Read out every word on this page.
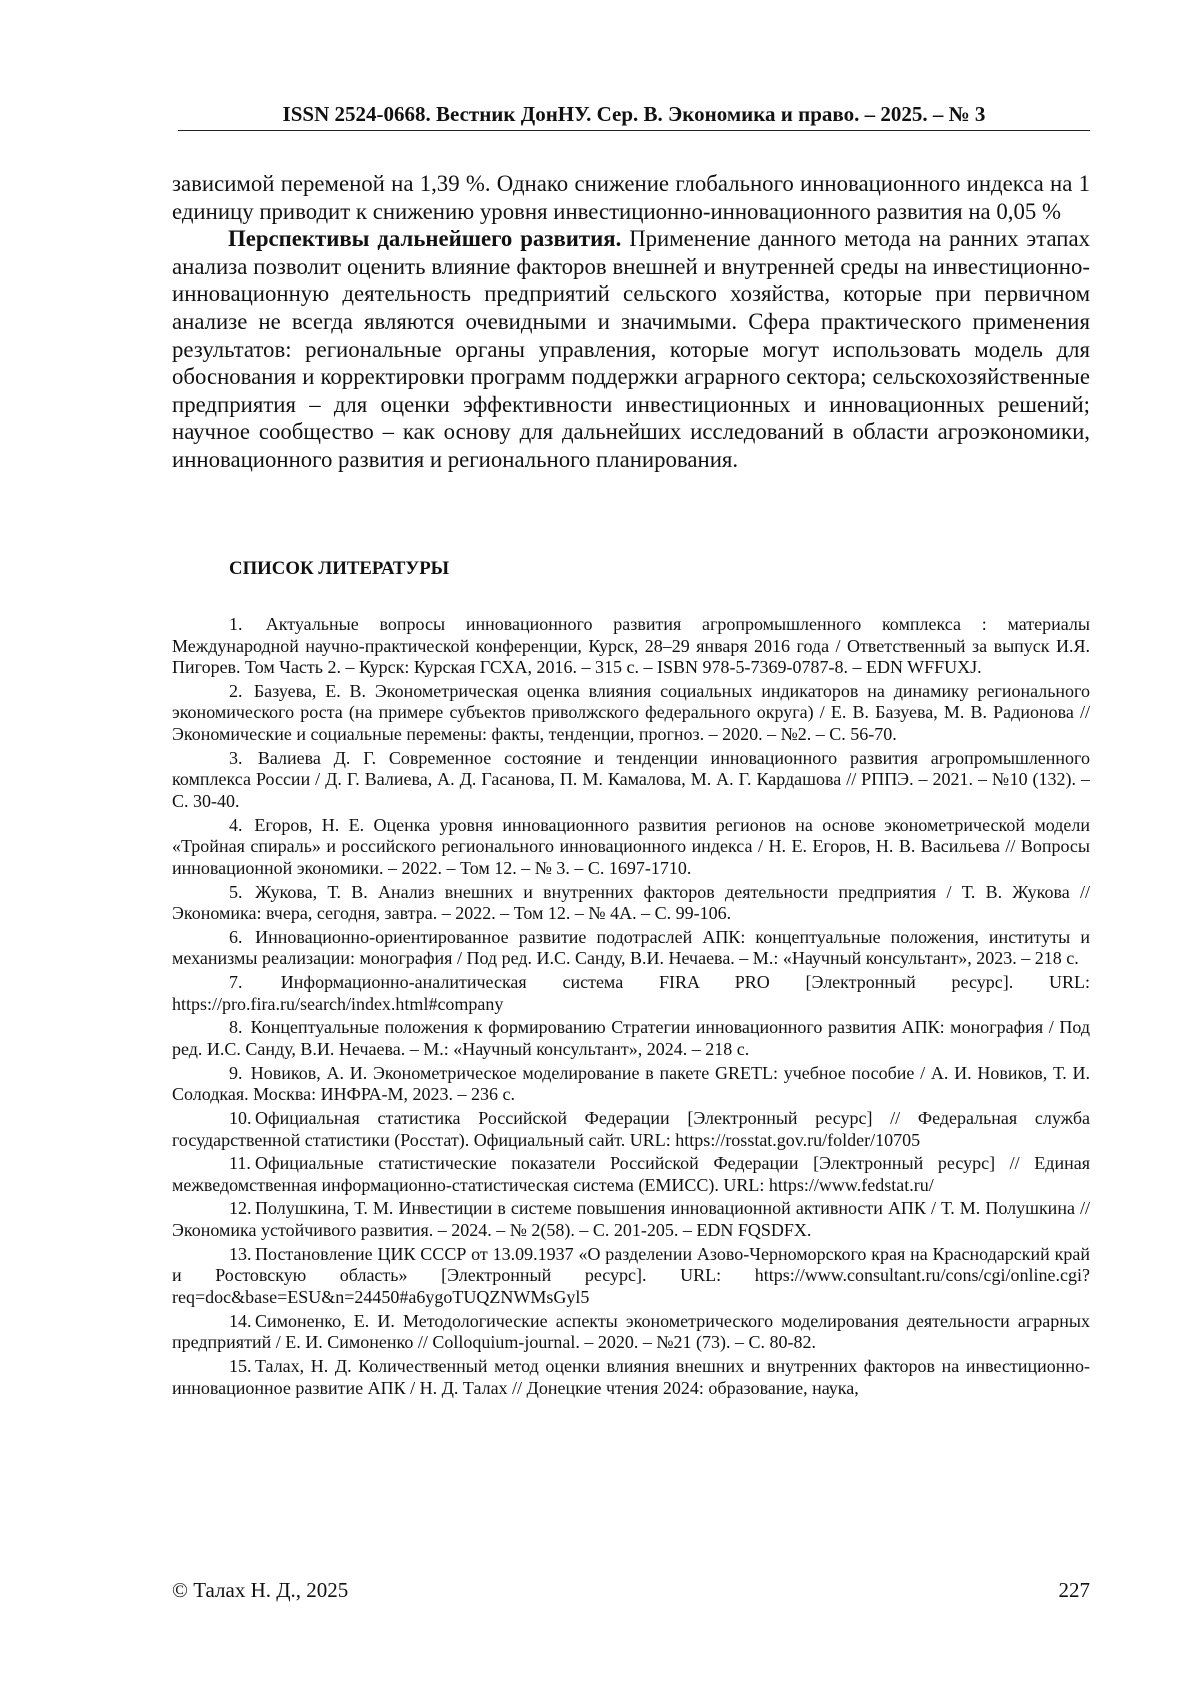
ISSN 2524-0668. Вестник ДонНУ. Сер. В. Экономика и право. – 2025. – № 3

зависимой переменой на 1,39 %. Однако снижение глобального инновационного индекса на 1 единицу приводит к снижению уровня инвестиционно-инновационного развития на 0,05 %

Перспективы дальнейшего развития. Применение данного метода на ранних этапах анализа позволит оценить влияние факторов внешней и внутренней среды на инвестиционно-инновационную деятельность предприятий сельского хозяйства, которые при первичном анализе не всегда являются очевидными и значимыми. Сфера практического применения результатов: региональные органы управления, которые могут использовать модель для обоснования и корректировки программ поддержки аграрного сектора; сельскохозяйственные предприятия – для оценки эффективности инвестиционных и инновационных решений; научное сообщество – как основу для дальнейших исследований в области агроэкономики, инновационного развития и регионального планирования.

СПИСОК ЛИТЕРАТУРЫ
1. Актуальные вопросы инновационного развития агропромышленного комплекса : материалы Международной научно-практической конференции, Курск, 28–29 января 2016 года / Ответственный за выпуск И.Я. Пигорев. Том Часть 2. – Курск: Курская ГСХА, 2016. – 315 с. – ISBN 978-5-7369-0787-8. – EDN WFFUXJ.
2. Базуева, Е. В. Эконометрическая оценка влияния социальных индикаторов на динамику регионального экономического роста (на примере субъектов приволжского федерального округа) / Е. В. Базуева, М. В. Радионова // Экономические и социальные перемены: факты, тенденции, прогноз. – 2020. – №2. – С. 56-70.
3. Валиева Д. Г. Современное состояние и тенденции инновационного развития агропромышленного комплекса России / Д. Г. Валиева, А. Д. Гасанова, П. М. Камалова, М. А. Г. Кардашова // РППЭ. – 2021. – №10 (132). – С. 30-40.
4. Егоров, Н. Е. Оценка уровня инновационного развития регионов на основе эконометрической модели «Тройная спираль» и российского регионального инновационного индекса / Н. Е. Егоров, Н. В. Васильева // Вопросы инновационной экономики. – 2022. – Том 12. – № 3. – С. 1697-1710.
5. Жукова, Т. В. Анализ внешних и внутренних факторов деятельности предприятия / Т. В. Жукова // Экономика: вчера, сегодня, завтра. – 2022. – Том 12. – № 4А. – С. 99-106.
6. Инновационно-ориентированное развитие подотраслей АПК: концептуальные положения, институты и механизмы реализации: монография / Под ред. И.С. Санду, В.И. Нечаева. – М.: «Научный консультант», 2023. – 218 с.
7. Информационно-аналитическая система FIRA PRO [Электронный ресурс]. URL: https://pro.fira.ru/search/index.html#company
8. Концептуальные положения к формированию Стратегии инновационного развития АПК: монография / Под ред. И.С. Санду, В.И. Нечаева. – М.: «Научный консультант», 2024. – 218 с.
9. Новиков, А. И. Эконометрическое моделирование в пакете GRETL: учебное пособие / А. И. Новиков, Т. И. Солодкая. Москва: ИНФРА-М, 2023. – 236 с.
10. Официальная статистика Российской Федерации [Электронный ресурс] // Федеральная служба государственной статистики (Росстат). Официальный сайт. URL: https://rosstat.gov.ru/folder/10705
11. Официальные статистические показатели Российской Федерации [Электронный ресурс] // Единая межведомственная информационно-статистическая система (ЕМИСС). URL: https://www.fedstat.ru/
12. Полушкина, Т. М. Инвестиции в системе повышения инновационной активности АПК / Т. М. Полушкина // Экономика устойчивого развития. – 2024. – № 2(58). – С. 201-205. – EDN FQSDFX.
13. Постановление ЦИК СССР от 13.09.1937 «О разделении Азово-Черноморского края на Краснодарский край и Ростовскую область» [Электронный ресурс]. URL: https://www.consultant.ru/cons/cgi/online.cgi?req=doc&base=ESU&n=24450#a6ygoTUQZNWMsGyl5
14. Симоненко, Е. И. Методологические аспекты эконометрического моделирования деятельности аграрных предприятий / Е. И. Симоненко // Colloquium-journal. – 2020. – №21 (73). – С. 80-82.
15. Талах, Н. Д. Количественный метод оценки влияния внешних и внутренних факторов на инвестиционно-инновационное развитие АПК / Н. Д. Талах // Донецкие чтения 2024: образование, наука,
© Талах Н. Д., 2025	227
